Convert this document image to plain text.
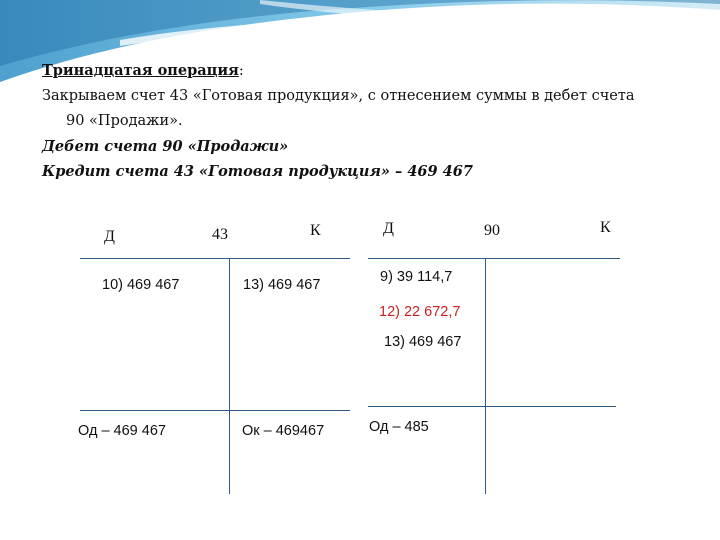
Тринадцатая операция:
Закрываем счет 43 «Готовая продукция», с отнесением суммы в дебет счета
90 «Продажи».
Дебет счета 90 «Продажи»
Кредит счета 43 «Готовая продукция» – 469 467
Д	43	К
10) 469 467	13) 469 467
Од – 469 467	Ок – 469467
Д	90	К
9) 39 114,7
12) 22 672,7
13) 469 467
Од – 485
